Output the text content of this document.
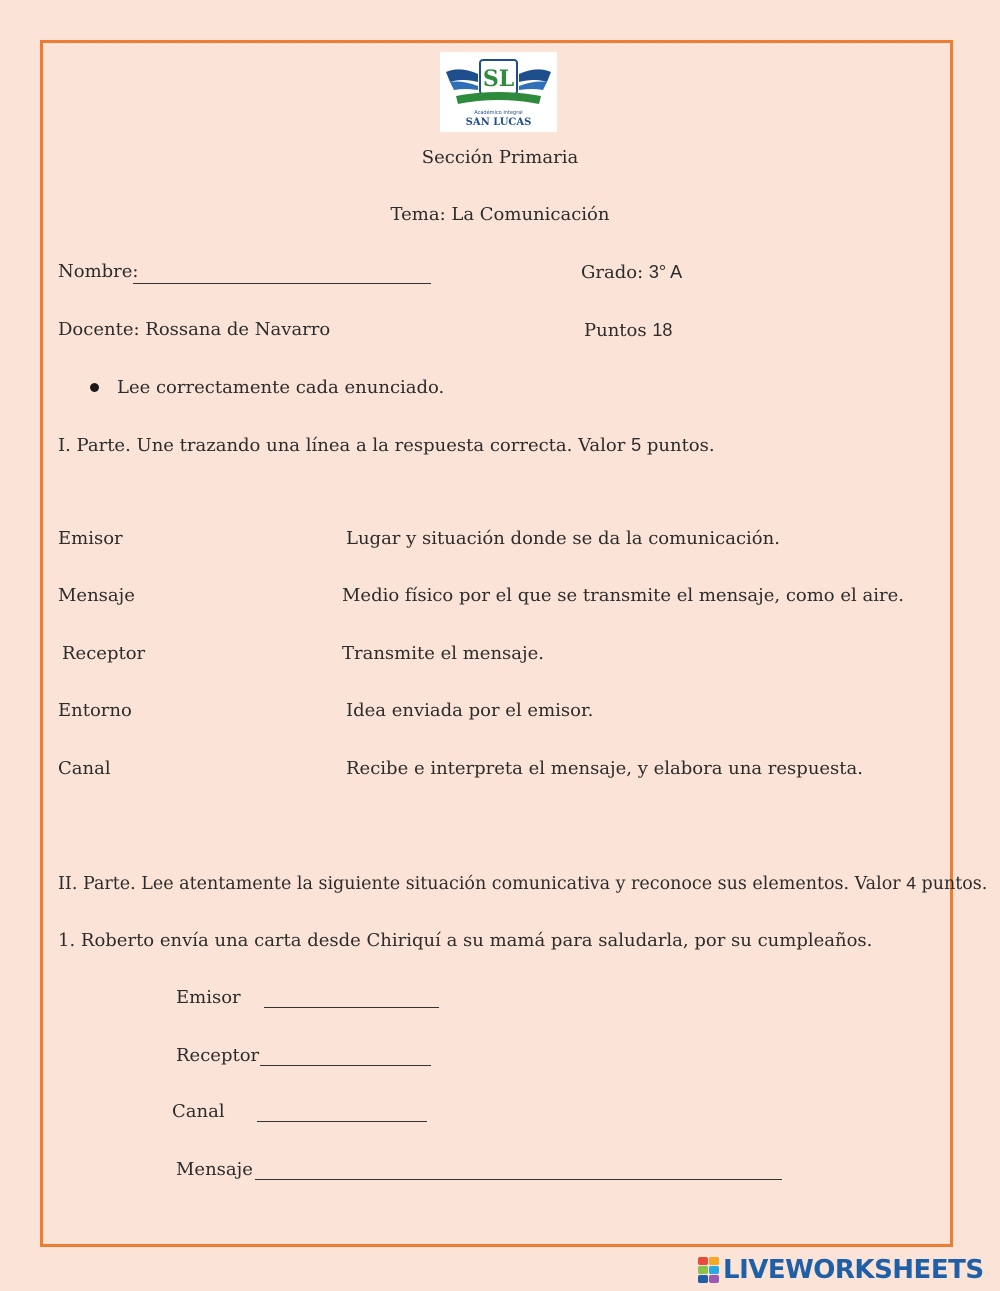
SL
Académico Integral
SAN LUCAS
Sección Primaria
Tema: La Comunicación
Nombre:	Grado: 3° A
Docente: Rossana de Navarro	Puntos 18
Lee correctamente cada enunciado.
I. Parte. Une trazando una línea a la respuesta correcta. Valor 5 puntos.
Emisor
Mensaje
Receptor
Entorno
Canal
Lugar y situación donde se da la comunicación.
Medio físico por el que se transmite el mensaje, como el aire.
Transmite el mensaje.
Idea enviada por el emisor.
Recibe e interpreta el mensaje, y elabora una respuesta.
II. Parte. Lee atentamente la siguiente situación comunicativa y reconoce sus elementos. Valor 4 puntos.
1. Roberto envía una carta desde Chiriquí a su mamá para saludarla, por su cumpleaños.
Emisor
Receptor
Canal
Mensaje
LIVEWORKSHEETS
